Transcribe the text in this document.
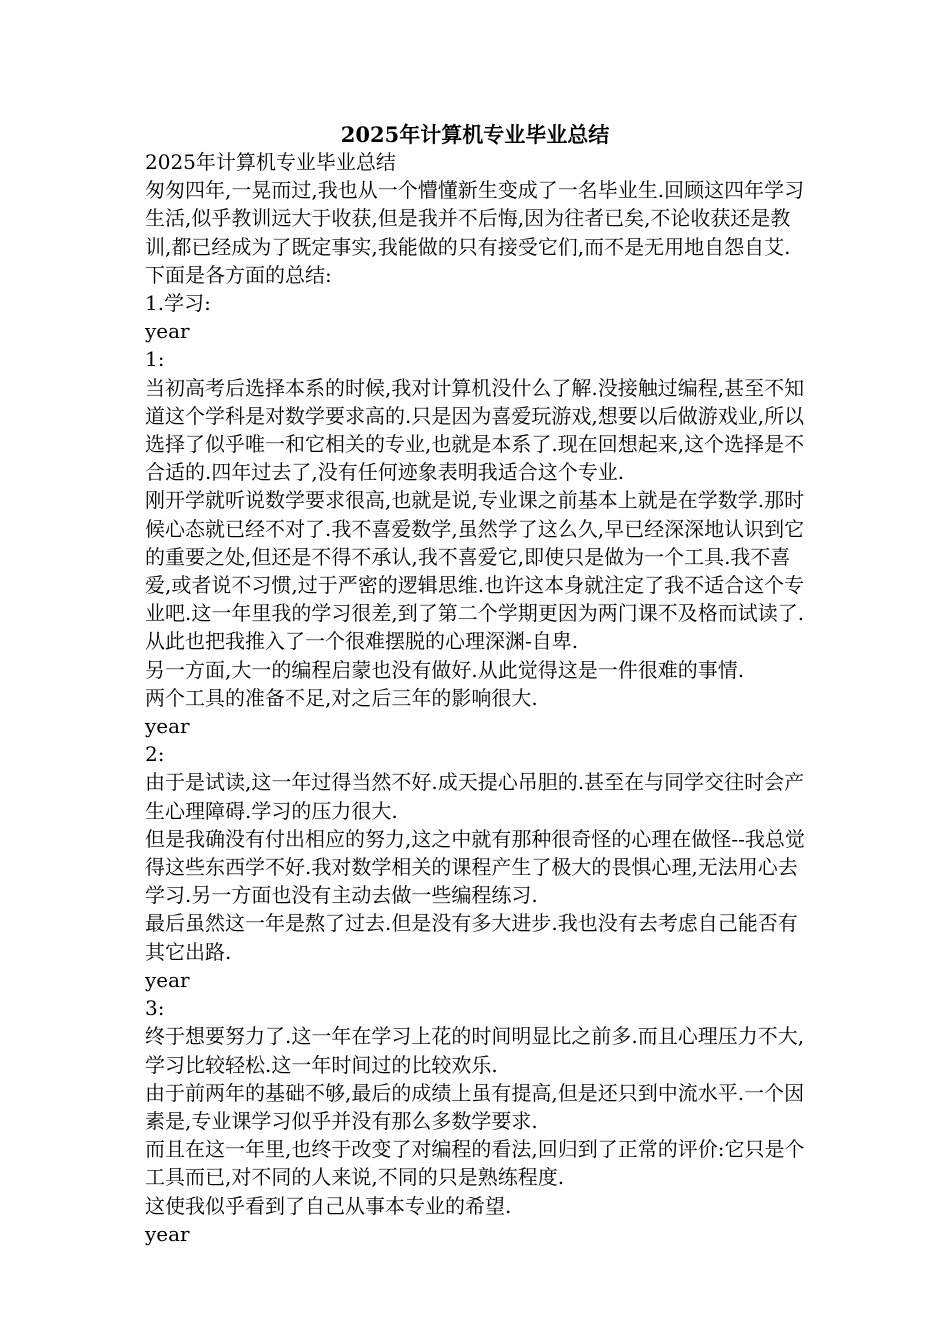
2025年计算机专业毕业总结

2025年计算机专业毕业总结

匆匆四年,一晃而过,我也从一个懵懂新生变成了一名毕业生.回顾这四年学习生活,似乎教训远大于收获,但是我并不后悔,因为往者已矣,不论收获还是教训,都已经成为了既定事实,我能做的只有接受它们,而不是无用地自怨自艾.

下面是各方面的总结:

1.学习:

year

1:

当初高考后选择本系的时候,我对计算机没什么了解.没接触过编程,甚至不知道这个学科是对数学要求高的.只是因为喜爱玩游戏,想要以后做游戏业,所以选择了似乎唯一和它相关的专业,也就是本系了.现在回想起来,这个选择是不合适的.四年过去了,没有任何迹象表明我适合这个专业.

刚开学就听说数学要求很高,也就是说,专业课之前基本上就是在学数学.那时候心态就已经不对了.我不喜爱数学,虽然学了这么久,早已经深深地认识到它的重要之处,但还是不得不承认,我不喜爱它,即使只是做为一个工具.我不喜爱,或者说不习惯,过于严密的逻辑思维.也许这本身就注定了我不适合这个专业吧.这一年里我的学习很差,到了第二个学期更因为两门课不及格而试读了.从此也把我推入了一个很难摆脱的心理深渊-自卑.

另一方面,大一的编程启蒙也没有做好.从此觉得这是一件很难的事情.

两个工具的准备不足,对之后三年的影响很大.

year

2:

由于是试读,这一年过得当然不好.成天提心吊胆的.甚至在与同学交往时会产生心理障碍.学习的压力很大.

但是我确没有付出相应的努力,这之中就有那种很奇怪的心理在做怪--我总觉得这些东西学不好.我对数学相关的课程产生了极大的畏惧心理,无法用心去学习.另一方面也没有主动去做一些编程练习.

最后虽然这一年是熬了过去.但是没有多大进步.我也没有去考虑自己能否有其它出路.

year

3:

终于想要努力了.这一年在学习上花的时间明显比之前多.而且心理压力不大,学习比较轻松.这一年时间过的比较欢乐.

由于前两年的基础不够,最后的成绩上虽有提高,但是还只到中流水平.一个因素是,专业课学习似乎并没有那么多数学要求.

而且在这一年里,也终于改变了对编程的看法,回归到了正常的评价:它只是个工具而已,对不同的人来说,不同的只是熟练程度.

这使我似乎看到了自己从事本专业的希望.

year
